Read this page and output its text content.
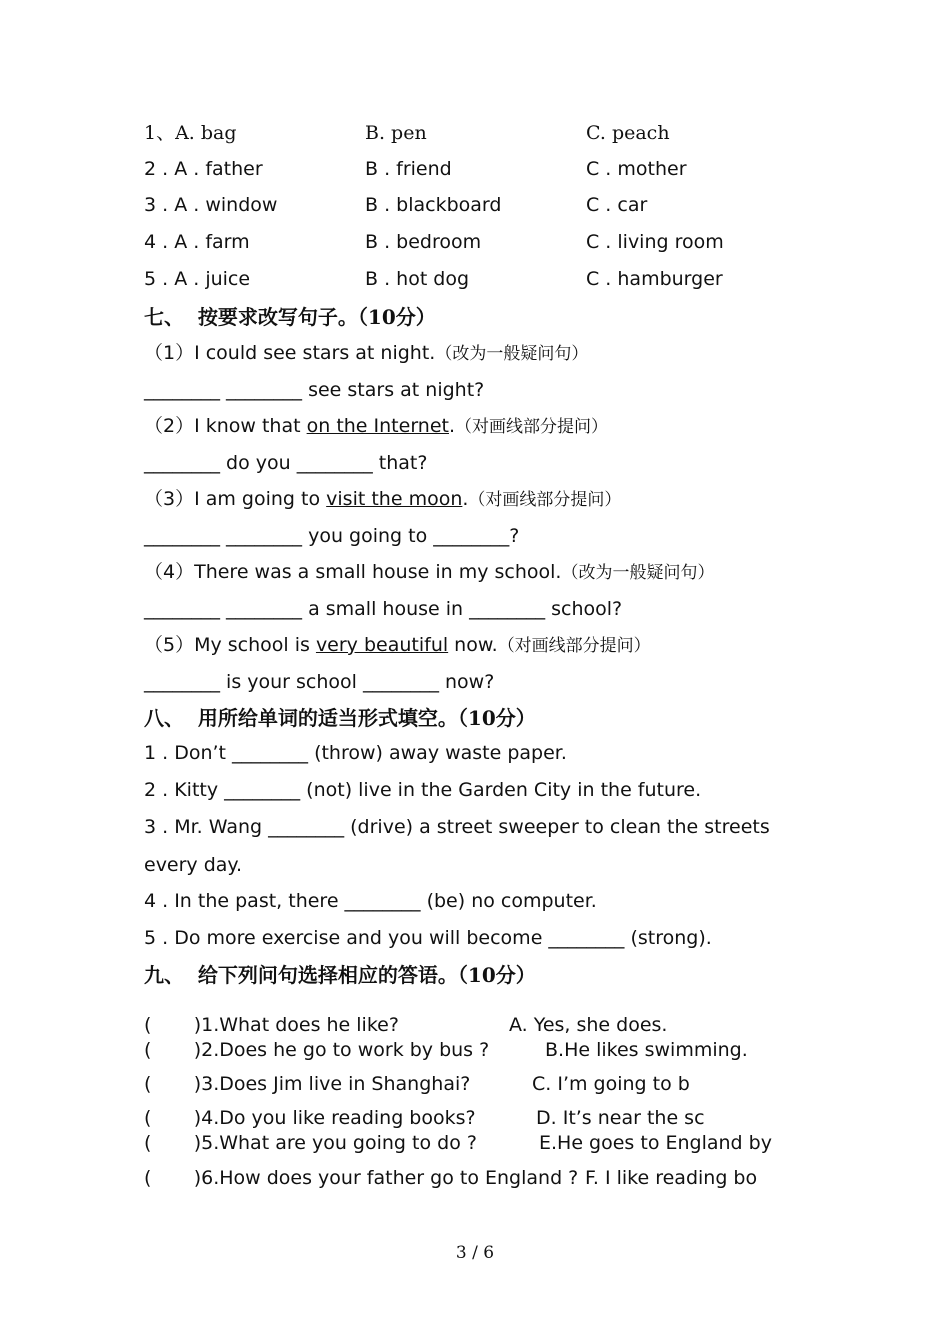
1、A. bag	B. pen	C. peach
2 . A . father	B . friend	C . mother
3 . A . window	B . blackboard	C . car
4 . A . farm	B . bedroom	C . living room
5 . A . juice	B . hot dog	C . hamburger
七、  按要求改写句子。（10分）
（1）I could see stars at night.（改为一般疑问句）
________ ________ see stars at night?
（2）I know that on the Internet.（对画线部分提问）
________ do you ________ that?
（3）I am going to visit the moon.（对画线部分提问）
________ ________ you going to ________?
（4）There was a small house in my school.（改为一般疑问句）
________ ________ a small house in ________ school?
（5）My school is very beautiful now.（对画线部分提问）
________ is your school ________ now?
八、  用所给单词的适当形式填空。（10分）
1 . Don’t ________ (throw) away waste paper.
2 . Kitty ________ (not) live in the Garden City in the future.
3 . Mr. Wang ________ (drive) a street sweeper to clean the streets
every day.
4 . In the past, there ________ (be) no computer.
5 . Do more exercise and you will become ________ (strong).
九、  给下列问句选择相应的答语。（10分）
(       )1.What does he like?	A. Yes, she does.
(       )2.Does he go to work by bus ?	B.He likes swimming.
(       )3.Does Jim live in Shanghai?	C. I’m going to b
(       )4.Do you like reading books?	D. It’s near the sc
(       )5.What are you going to do ?	E.He goes to England by
(       )6.How does your father go to England ? F. I like reading bo
3 / 6
